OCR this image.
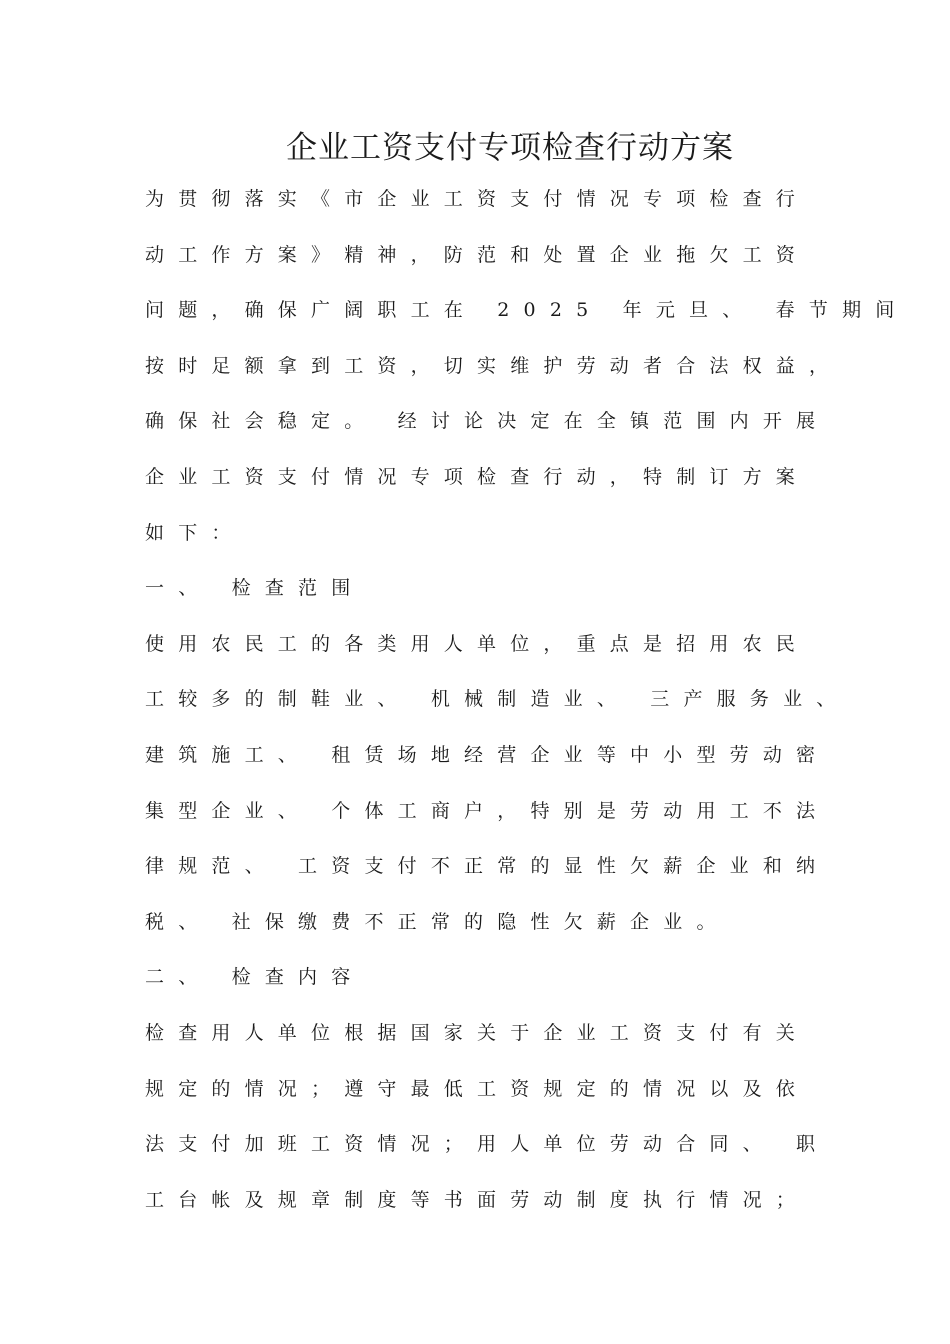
企业工资支付专项检查行动方案
为贯彻落实《市企业工资支付情况专项检查行
动工作方案》精神，防范和处置企业拖欠工资
问题，确保广阔职工在 2025 年元旦、 春节期间
按时足额拿到工资，切实维护劳动者合法权益，
确保社会稳定。 经讨论决定在全镇范围内开展
企业工资支付情况专项检查行动，特制订方案
如下：
一、 检查范围
使用农民工的各类用人单位，重点是招用农民
工较多的制鞋业、 机械制造业、 三产服务业、
建筑施工、 租赁场地经营企业等中小型劳动密
集型企业、 个体工商户，特别是劳动用工不法
律规范、 工资支付不正常的显性欠薪企业和纳
税、 社保缴费不正常的隐性欠薪企业。
二、 检查内容
检查用人单位根据国家关于企业工资支付有关
规定的情况；遵守最低工资规定的情况以及依
法支付加班工资情况；用人单位劳动合同、 职
工台帐及规章制度等书面劳动制度执行情况；
